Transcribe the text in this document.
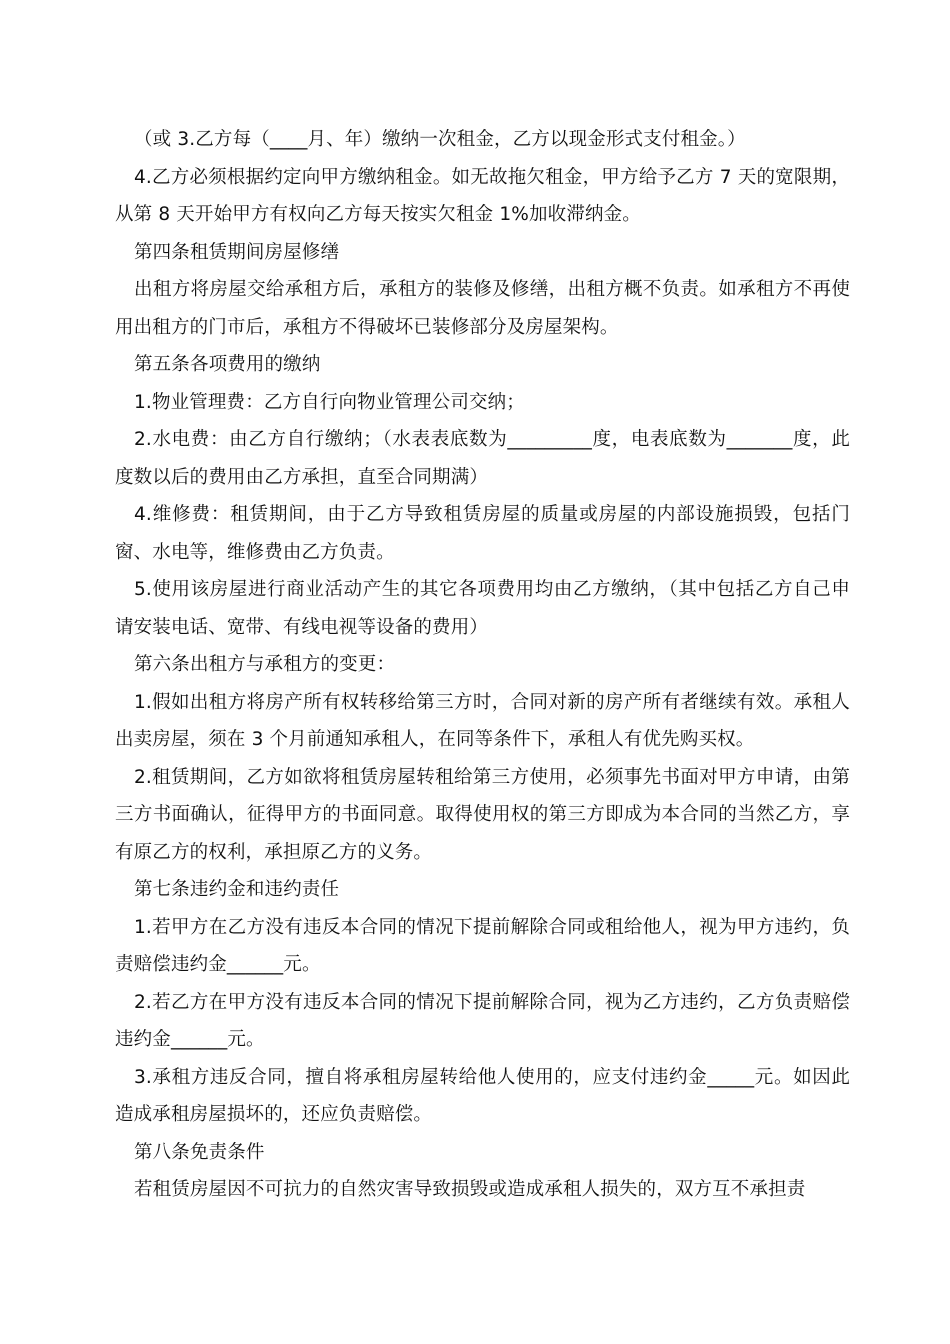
（或 3.乙方每（____月、年）缴纳一次租金，乙方以现金形式支付租金。）

4.乙方必须根据约定向甲方缴纳租金。如无故拖欠租金，甲方给予乙方 7 天的宽限期，从第 8 天开始甲方有权向乙方每天按实欠租金 1%加收滞纳金。

第四条租赁期间房屋修缮

出租方将房屋交给承租方后，承租方的装修及修缮，出租方概不负责。如承租方不再使用出租方的门市后，承租方不得破坏已装修部分及房屋架构。

第五条各项费用的缴纳

1.物业管理费：乙方自行向物业管理公司交纳；

2.水电费：由乙方自行缴纳；（水表表底数为_________度，电表底数为_______度，此度数以后的费用由乙方承担，直至合同期满）

4.维修费：租赁期间，由于乙方导致租赁房屋的质量或房屋的内部设施损毁，包括门窗、水电等，维修费由乙方负责。

5.使用该房屋进行商业活动产生的其它各项费用均由乙方缴纳，（其中包括乙方自己申请安装电话、宽带、有线电视等设备的费用）

第六条出租方与承租方的变更：

1.假如出租方将房产所有权转移给第三方时，合同对新的房产所有者继续有效。承租人出卖房屋，须在 3 个月前通知承租人，在同等条件下，承租人有优先购买权。

2.租赁期间，乙方如欲将租赁房屋转租给第三方使用，必须事先书面对甲方申请，由第三方书面确认，征得甲方的书面同意。取得使用权的第三方即成为本合同的当然乙方，享有原乙方的权利，承担原乙方的义务。

第七条违约金和违约责任

1.若甲方在乙方没有违反本合同的情况下提前解除合同或租给他人，视为甲方违约，负责赔偿违约金______元。

2.若乙方在甲方没有违反本合同的情况下提前解除合同，视为乙方违约，乙方负责赔偿违约金______元。

3.承租方违反合同，擅自将承租房屋转给他人使用的，应支付违约金_____元。如因此造成承租房屋损坏的，还应负责赔偿。

第八条免责条件

若租赁房屋因不可抗力的自然灾害导致损毁或造成承租人损失的，双方互不承担责
